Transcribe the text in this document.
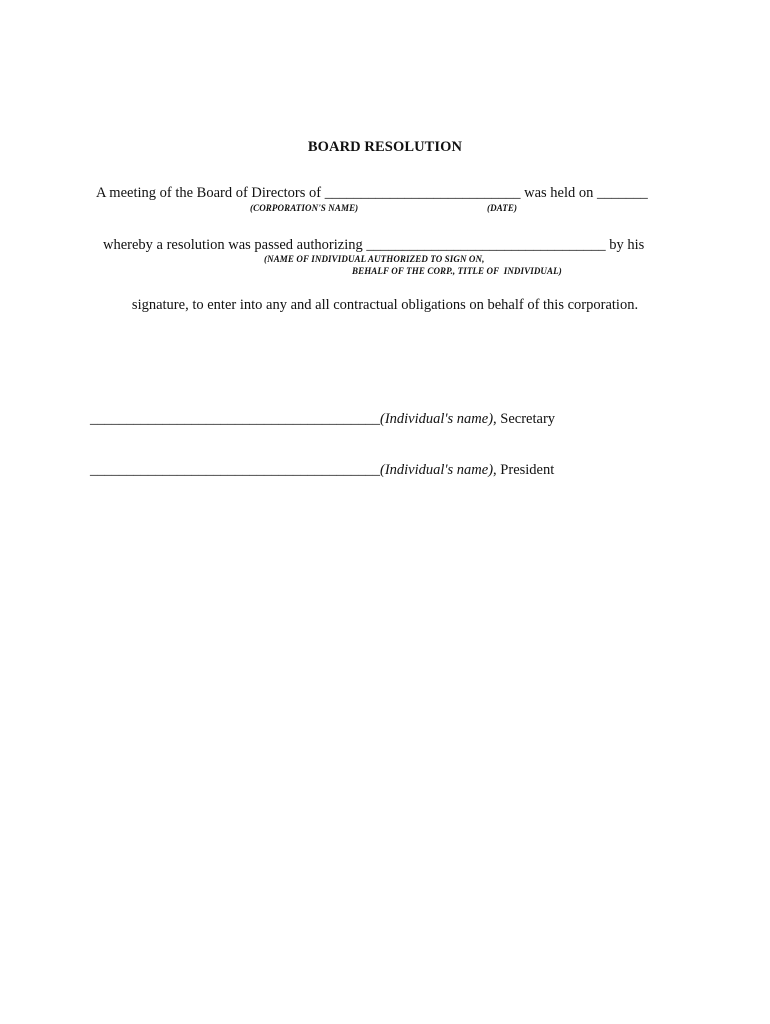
BOARD RESOLUTION
A meeting of the Board of Directors of ___________________________ was held on _______
(CORPORATION'S NAME)	(DATE)
whereby a resolution was passed authorizing _________________________________ by his
(NAME OF INDIVIDUAL AUTHORIZED TO SIGN ON,
BEHALF OF THE CORP., TITLE OF  INDIVIDUAL)
signature, to enter into any and all contractual obligations on behalf of this corporation.
________________________________________(Individual's name), Secretary
________________________________________(Individual's name), President
